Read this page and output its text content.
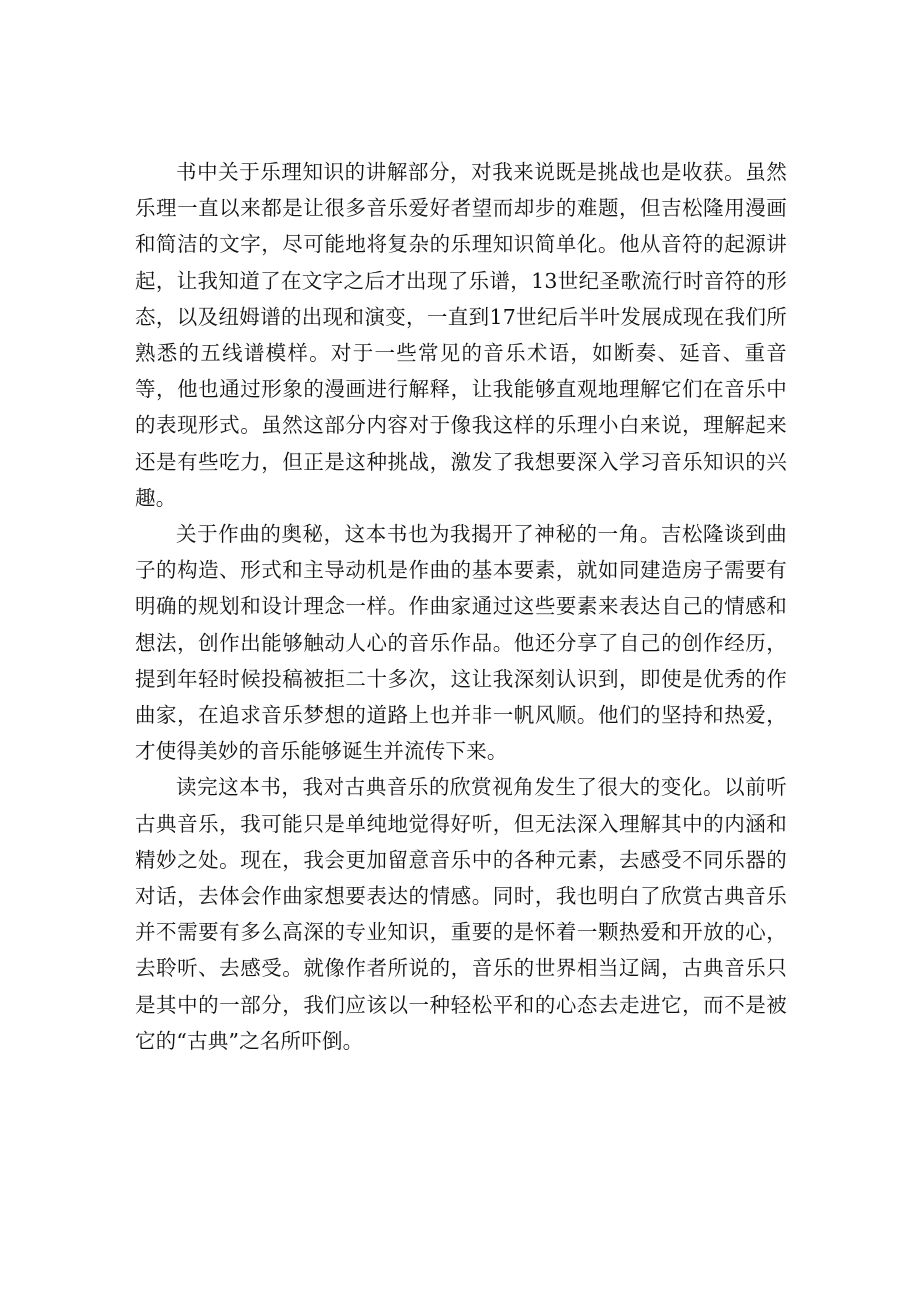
书中关于乐理知识的讲解部分，对我来说既是挑战也是收获。虽然乐理一直以来都是让很多音乐爱好者望而却步的难题，但吉松隆用漫画和简洁的文字，尽可能地将复杂的乐理知识简单化。他从音符的起源讲起，让我知道了在文字之后才出现了乐谱，13世纪圣歌流行时音符的形态，以及纽姆谱的出现和演变，一直到17世纪后半叶发展成现在我们所熟悉的五线谱模样。对于一些常见的音乐术语，如断奏、延音、重音等，他也通过形象的漫画进行解释，让我能够直观地理解它们在音乐中的表现形式。虽然这部分内容对于像我这样的乐理小白来说，理解起来还是有些吃力，但正是这种挑战，激发了我想要深入学习音乐知识的兴趣。

关于作曲的奥秘，这本书也为我揭开了神秘的一角。吉松隆谈到曲子的构造、形式和主导动机是作曲的基本要素，就如同建造房子需要有明确的规划和设计理念一样。作曲家通过这些要素来表达自己的情感和想法，创作出能够触动人心的音乐作品。他还分享了自己的创作经历，提到年轻时候投稿被拒二十多次，这让我深刻认识到，即使是优秀的作曲家，在追求音乐梦想的道路上也并非一帆风顺。他们的坚持和热爱，才使得美妙的音乐能够诞生并流传下来。

读完这本书，我对古典音乐的欣赏视角发生了很大的变化。以前听古典音乐，我可能只是单纯地觉得好听，但无法深入理解其中的内涵和精妙之处。现在，我会更加留意音乐中的各种元素，去感受不同乐器的对话，去体会作曲家想要表达的情感。同时，我也明白了欣赏古典音乐并不需要有多么高深的专业知识，重要的是怀着一颗热爱和开放的心，去聆听、去感受。就像作者所说的，音乐的世界相当辽阔，古典音乐只是其中的一部分，我们应该以一种轻松平和的心态去走进它，而不是被它的“古典”之名所吓倒。
